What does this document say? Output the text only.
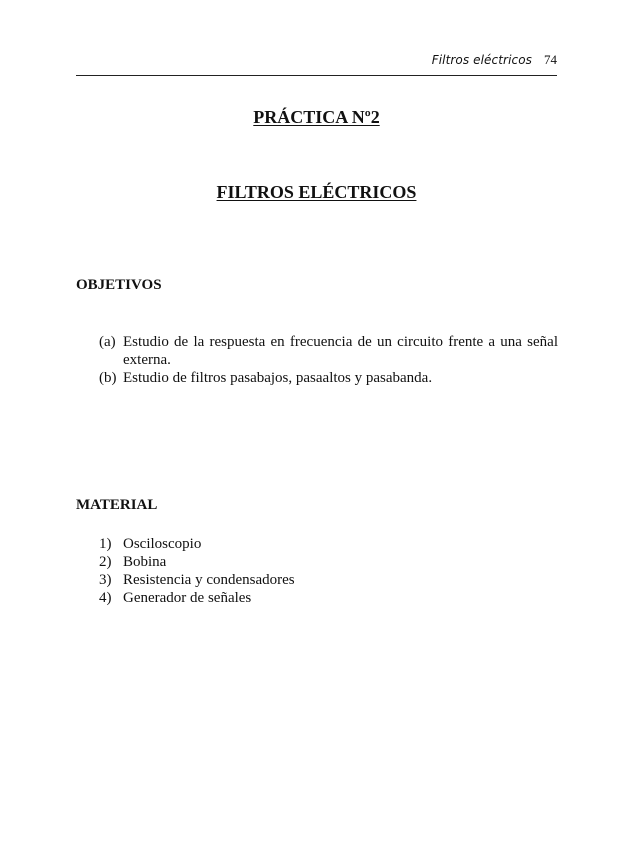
Filtros eléctricos 74
PRÁCTICA Nº2
FILTROS ELÉCTRICOS
OBJETIVOS
(a) Estudio de la respuesta en frecuencia de un circuito frente a una señal externa.
(b) Estudio de filtros pasabajos, pasaaltos y pasabanda.
MATERIAL
1) Osciloscopio
2) Bobina
3) Resistencia y condensadores
4) Generador de señales
